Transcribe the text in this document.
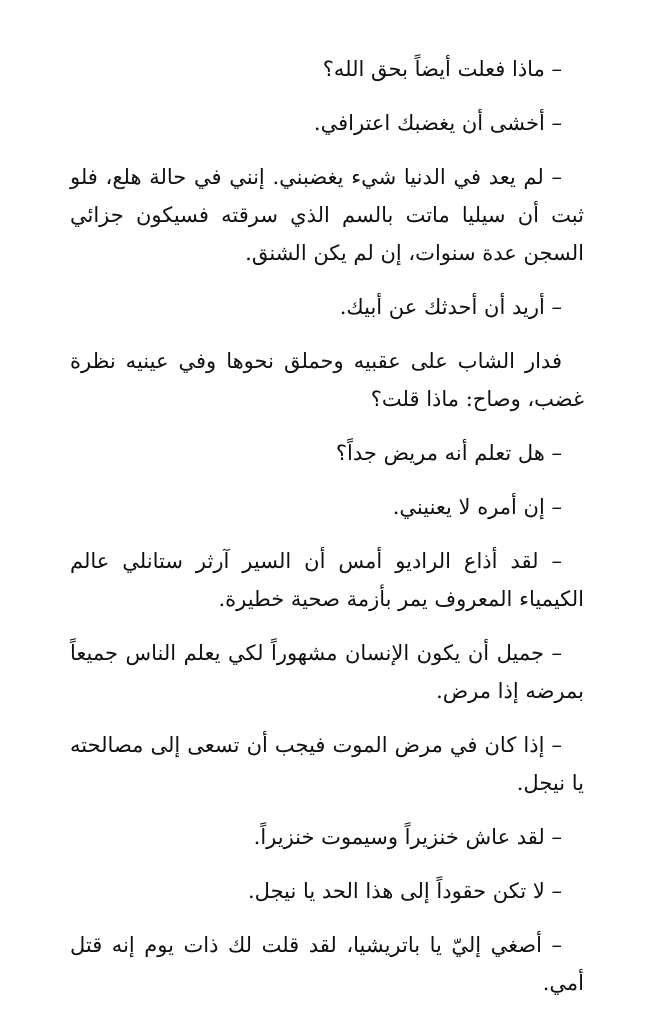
– ماذا فعلت أيضاً بحق الله؟

– أخشى أن يغضبك اعترافي.

– لم يعد في الدنيا شيء يغضبني. إنني في حالة هلع، فلو ثبت أن سيليا ماتت بالسم الذي سرقته فسيكون جزائي السجن عدة سنوات، إن لم يكن الشنق.

– أريد أن أحدثك عن أبيك.

فدار الشاب على عقبيه وحملق نحوها وفي عينيه نظرة غضب، وصاح: ماذا قلت؟

– هل تعلم أنه مريض جداً؟

– إن أمره لا يعنيني.

– لقد أذاع الراديو أمس أن السير آرثر ستانلي عالم الكيمياء المعروف يمر بأزمة صحية خطيرة.

– جميل أن يكون الإنسان مشهوراً لكي يعلم الناس جميعاً بمرضه إذا مرض.

– إذا كان في مرض الموت فيجب أن تسعى إلى مصالحته يا نيجل.

– لقد عاش خنزيراً وسيموت خنزيراً.

– لا تكن حقوداً إلى هذا الحد يا نيجل.

– أصغي إليّ يا باتريشيا، لقد قلت لك ذات يوم إنه قتل أمي.
